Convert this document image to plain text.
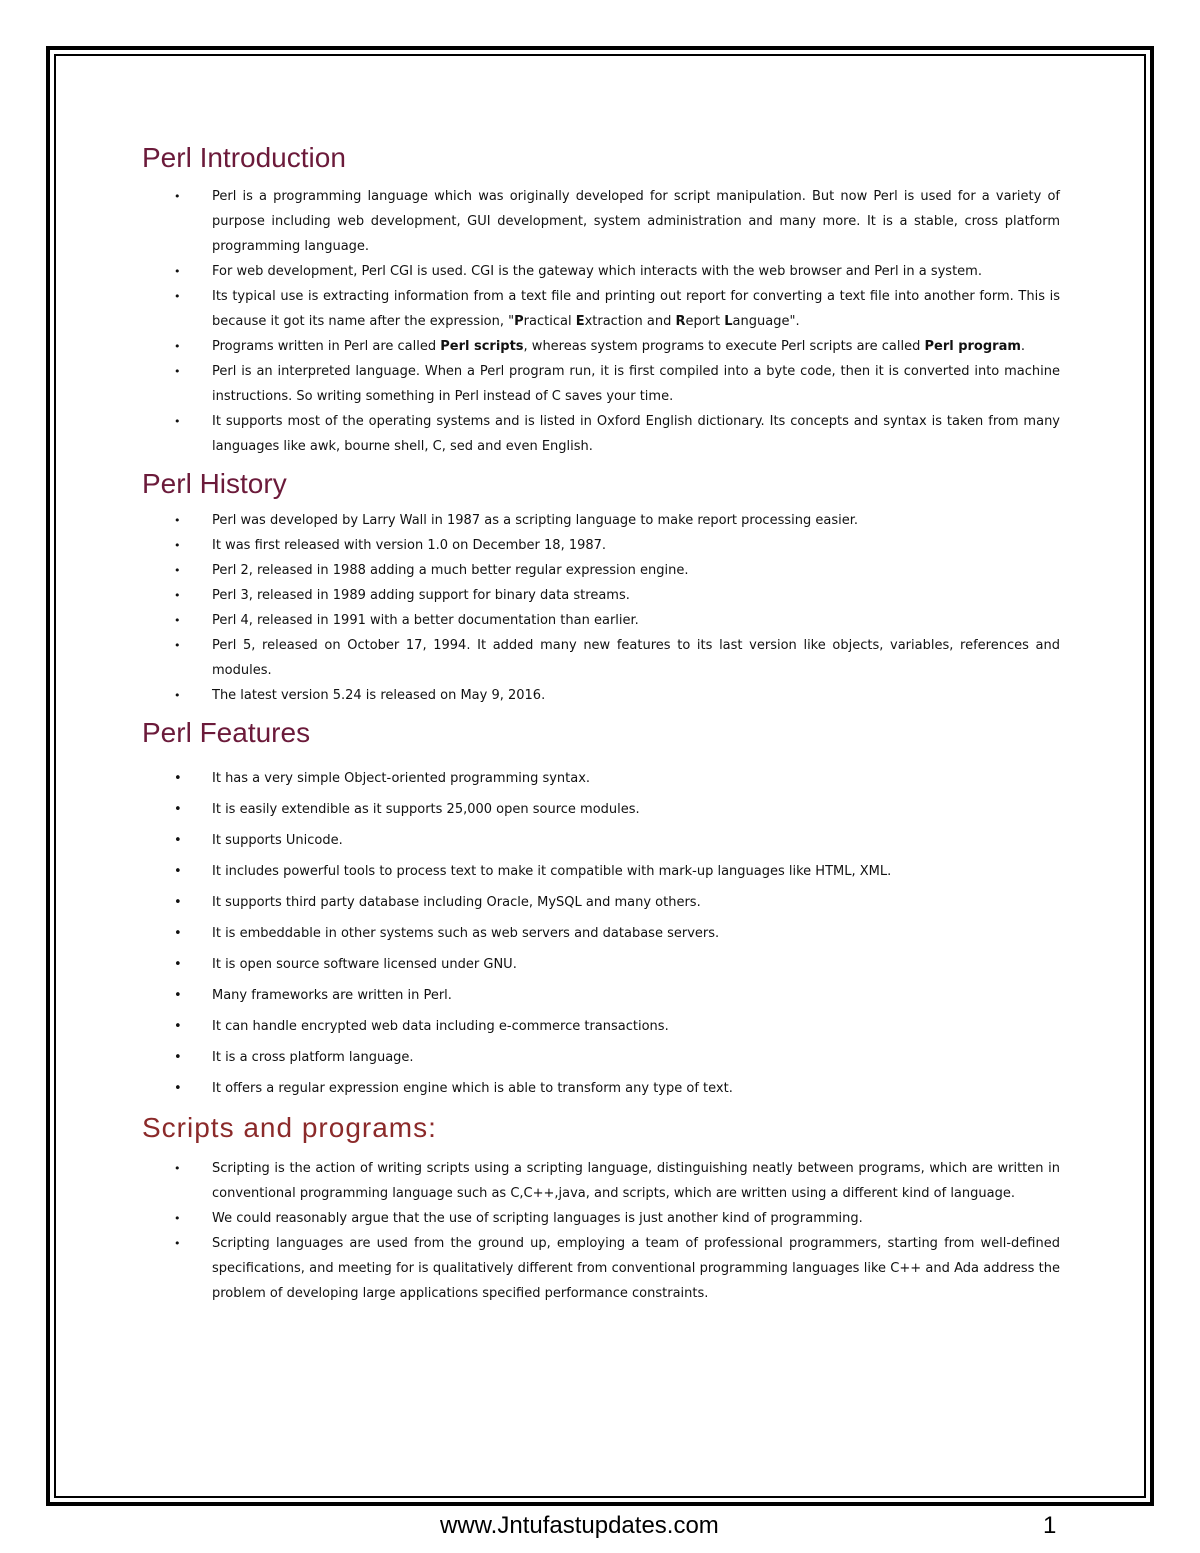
Perl Introduction
• Perl is a programming language which was originally developed for script manipulation. But now Perl is used for a variety of purpose including web development, GUI development, system administration and many more. It is a stable, cross platform programming language.
• For web development, Perl CGI is used. CGI is the gateway which interacts with the web browser and Perl in a system.
• Its typical use is extracting information from a text file and printing out report for converting a text file into another form. This is because it got its name after the expression, "Practical Extraction and Report Language".
• Programs written in Perl are called Perl scripts, whereas system programs to execute Perl scripts are called Perl program.
• Perl is an interpreted language. When a Perl program run, it is first compiled into a byte code, then it is converted into machine instructions. So writing something in Perl instead of C saves your time.
• It supports most of the operating systems and is listed in Oxford English dictionary. Its concepts and syntax is taken from many languages like awk, bourne shell, C, sed and even English.
Perl History
• Perl was developed by Larry Wall in 1987 as a scripting language to make report processing easier.
• It was first released with version 1.0 on December 18, 1987.
• Perl 2, released in 1988 adding a much better regular expression engine.
• Perl 3, released in 1989 adding support for binary data streams.
• Perl 4, released in 1991 with a better documentation than earlier.
• Perl 5, released on October 17, 1994. It added many new features to its last version like objects, variables, references and modules.
• The latest version 5.24 is released on May 9, 2016.
Perl Features
• It has a very simple Object-oriented programming syntax.
• It is easily extendible as it supports 25,000 open source modules.
• It supports Unicode.
• It includes powerful tools to process text to make it compatible with mark-up languages like HTML, XML.
• It supports third party database including Oracle, MySQL and many others.
• It is embeddable in other systems such as web servers and database servers.
• It is open source software licensed under GNU.
• Many frameworks are written in Perl.
• It can handle encrypted web data including e-commerce transactions.
• It is a cross platform language.
• It offers a regular expression engine which is able to transform any type of text.
Scripts and programs:
• Scripting is the action of writing scripts using a scripting language, distinguishing neatly between programs, which are written in conventional programming language such as C,C++,java, and scripts, which are written using a different kind of language.
• We could reasonably argue that the use of scripting languages is just another kind of programming.
• Scripting languages are used from the ground up, employing a team of professional programmers, starting from well-defined specifications, and meeting for is qualitatively different from conventional programming languages like C++ and Ada address the problem of developing large applications specified performance constraints.
www.Jntufastupdates.com	1
